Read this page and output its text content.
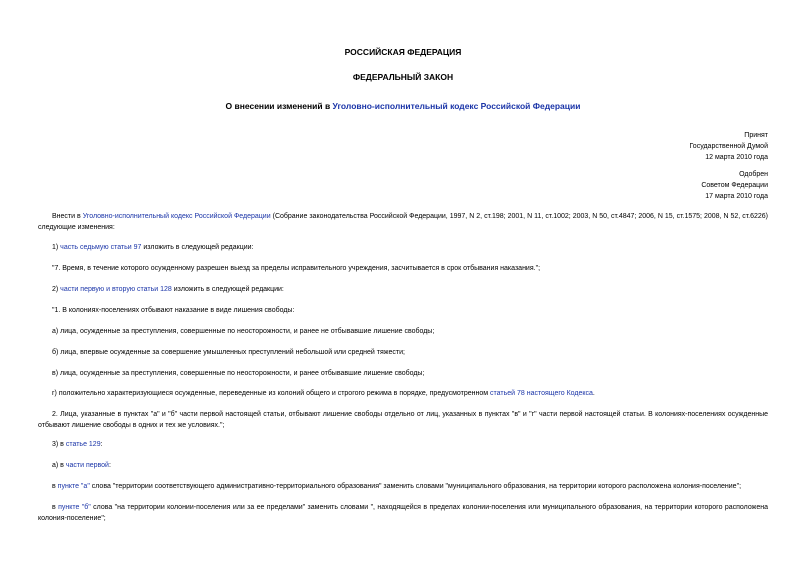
РОССИЙСКАЯ ФЕДЕРАЦИЯ
ФЕДЕРАЛЬНЫЙ ЗАКОН
О внесении изменений в Уголовно-исполнительный кодекс Российской Федерации
Принят
Государственной Думой
12 марта 2010 года
Одобрен
Советом Федерации
17 марта 2010 года
Внести в Уголовно-исполнительный кодекс Российской Федерации (Собрание законодательства Российской Федерации, 1997, N 2, ст.198; 2001, N 11, ст.1002; 2003, N 50, ст.4847; 2006, N 15, ст.1575; 2008, N 52, ст.6226) следующие изменения:
1) часть седьмую статьи 97 изложить в следующей редакции:
"7. Время, в течение которого осужденному разрешен выезд за пределы исправительного учреждения, засчитывается в срок отбывания наказания.";
2) части первую и вторую статьи 128 изложить в следующей редакции:
"1. В колониях-поселениях отбывают наказание в виде лишения свободы:
а) лица, осужденные за преступления, совершенные по неосторожности, и ранее не отбывавшие лишение свободы;
б) лица, впервые осужденные за совершение умышленных преступлений небольшой или средней тяжести;
в) лица, осужденные за преступления, совершенные по неосторожности, и ранее отбывавшие лишение свободы;
г) положительно характеризующиеся осужденные, переведенные из колоний общего и строгого режима в порядке, предусмотренном статьей 78 настоящего Кодекса.
2. Лица, указанные в пунктах "а" и "б" части первой настоящей статьи, отбывают лишение свободы отдельно от лиц, указанных в пунктах "в" и "г" части первой настоящей статьи. В колониях-поселениях осужденные отбывают лишение свободы в одних и тех же условиях.";
3) в статье 129:
а) в части первой:
в пункте "а" слова "территории соответствующего административно-территориального образования" заменить словами "муниципального образования, на территории которого расположена колония-поселение";
в пункте "б" слова "на территории колонии-поселения или за ее пределами" заменить словами ", находящейся в пределах колонии-поселения или муниципального образования, на территории которого расположена колония-поселение";
